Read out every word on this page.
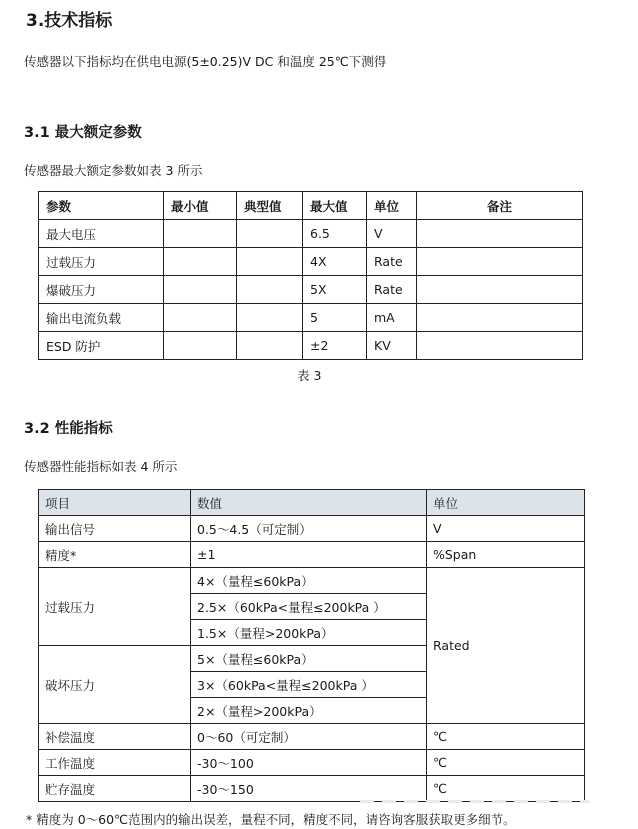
3.技术指标

传感器以下指标均在供电电源(5±0.25)V DC 和温度 25℃下测得

3.1 最大额定参数

传感器最大额定参数如表 3 所示

参数	最小值	典型值	最大值	单位	备注
最大电压			6.5	V	
过载压力			4X	Rate	
爆破压力			5X	Rate	
输出电流负载			5	mA	
ESD 防护			±2	KV	
表 3
3.2 性能指标

传感器性能指标如表 4 所示

项目	数值	单位
输出信号	0.5～4.5（可定制）	V
精度*	±1	%Span
过载压力	4×（量程≤60kPa）	Rated
	2.5×（60kPa<量程≤200kPa ）	
	1.5×（量程>200kPa）	
破坏压力	5×（量程≤60kPa）	
	3×（60kPa<量程≤200kPa ）	
	2×（量程>200kPa）	
补偿温度	0～60（可定制）	℃
工作温度	-30～100	℃
贮存温度	-30～150	℃
* 精度为 0～60℃范围内的输出误差，量程不同，精度不同，请咨询客服获取更多细节。
